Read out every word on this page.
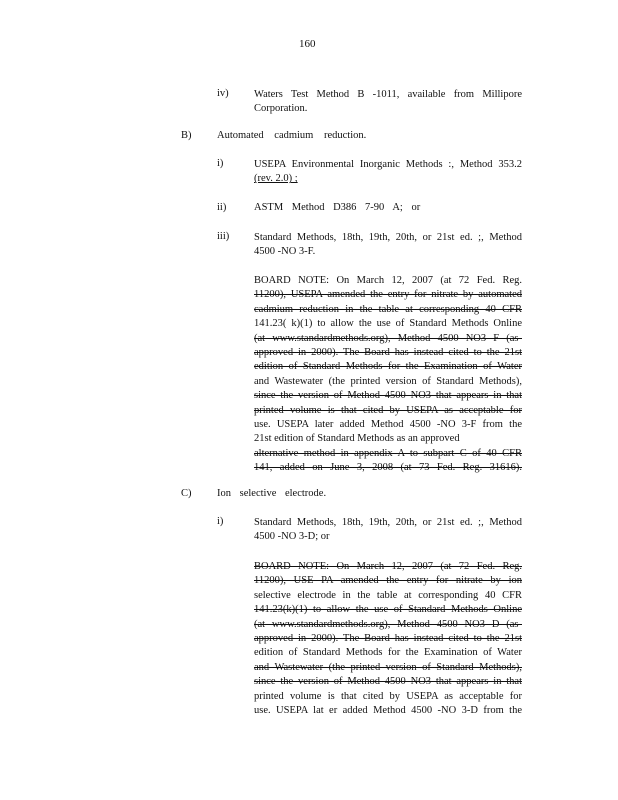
160
iv) Waters Test Method B -1011, available from Millipore
Corporation.
B) Automated cadmium reduction.
i)	USEPA Environmental Inorganic Methods :, Method 353.2
(rev. 2.0) ;
ii)	ASTM Method D386 7-90 A; or
iii) Standard Methods, 18th, 19th, 20th, or 21st ed. ;, Method
4500 -NO 3-F.
BOARD NOTE: On March 12, 2007 (at 72 Fed. Reg.
11200), USEPA amended the entry for nitrate by automated
cadmium reduction in the table at corresponding 40 CFR
141.23( k)(1) to allow the use of Standard Methods Online
(at www.standardmethods.org), Method 4500 NO3 F (as-
approved in 2000). The Board has instead cited to the 21st
edition of Standard Methods for the Examination of Water
and Wastewater (the printed version of Standard Methods),
since the version of Method 4500 NO3 that appears in that
printed volume is that cited by USEPA as acceptable for
use. USEPA later added Method 4500 -NO 3-F from the
21st edition of Standard Methods as an approved
alternative method in appendix A to subpart C of 40 CFR
141, added on June 3, 2008 (at 73 Fed. Reg. 31616).
C) Ion selective electrode.
i)	Standard Methods, 18th, 19th, 20th, or 21st ed. ;, Method
4500 -NO 3-D; or
BOARD NOTE: On March 12, 2007 (at 72 Fed. Reg.
11200), USE PA amended the entry for nitrate by ion
selective electrode in the table at corresponding 40 CFR
141.23(k)(1) to allow the use of Standard Methods Online
(at www.standardmethods.org), Method 4500 NO3 D (as-
approved in 2000). The Board has instead cited to the 21st
edition of Standard Methods for the Examination of Water
and Wastewater (the printed version of Standard Methods),
since the version of Method 4500 NO3 that appears in that
printed volume is that cited by USEPA as acceptable for
use. USEPA lat er added Method 4500 -NO 3-D from the
